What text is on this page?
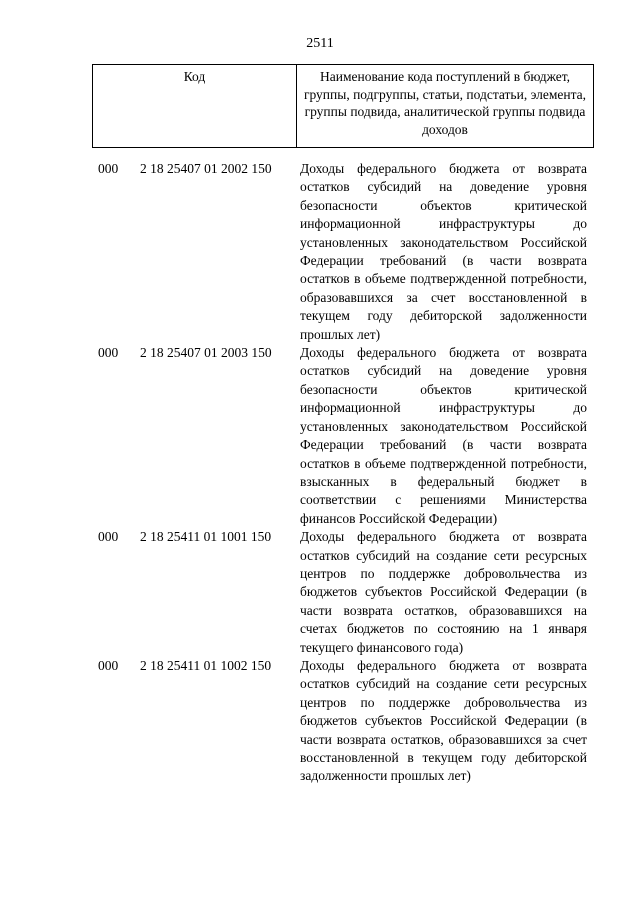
2511
Код	Наименование кода поступлений в бюджет, группы, подгруппы, статьи, подстатьи, элемента, группы подвида, аналитической группы подвида доходов
000	2 18 25407 01 2002 150	Доходы федерального бюджета от возврата остатков субсидий на доведение уровня безопасности объектов критической информационной инфраструктуры до установленных законодательством Российской Федерации требований (в части возврата остатков в объеме подтвержденной потребности, образовавшихся за счет восстановленной в текущем году дебиторской задолженности прошлых лет)
000	2 18 25407 01 2003 150	Доходы федерального бюджета от возврата остатков субсидий на доведение уровня безопасности объектов критической информационной инфраструктуры до установленных законодательством Российской Федерации требований (в части возврата остатков в объеме подтвержденной потребности, взысканных в федеральный бюджет в соответствии с решениями Министерства финансов Российской Федерации)
000	2 18 25411 01 1001 150	Доходы федерального бюджета от возврата остатков субсидий на создание сети ресурсных центров по поддержке добровольчества из бюджетов субъектов Российской Федерации (в части возврата остатков, образовавшихся на счетах бюджетов по состоянию на 1 января текущего финансового года)
000	2 18 25411 01 1002 150	Доходы федерального бюджета от возврата остатков субсидий на создание сети ресурсных центров по поддержке добровольчества из бюджетов субъектов Российской Федерации (в части возврата остатков, образовавшихся за счет восстановленной в текущем году дебиторской задолженности прошлых лет)
